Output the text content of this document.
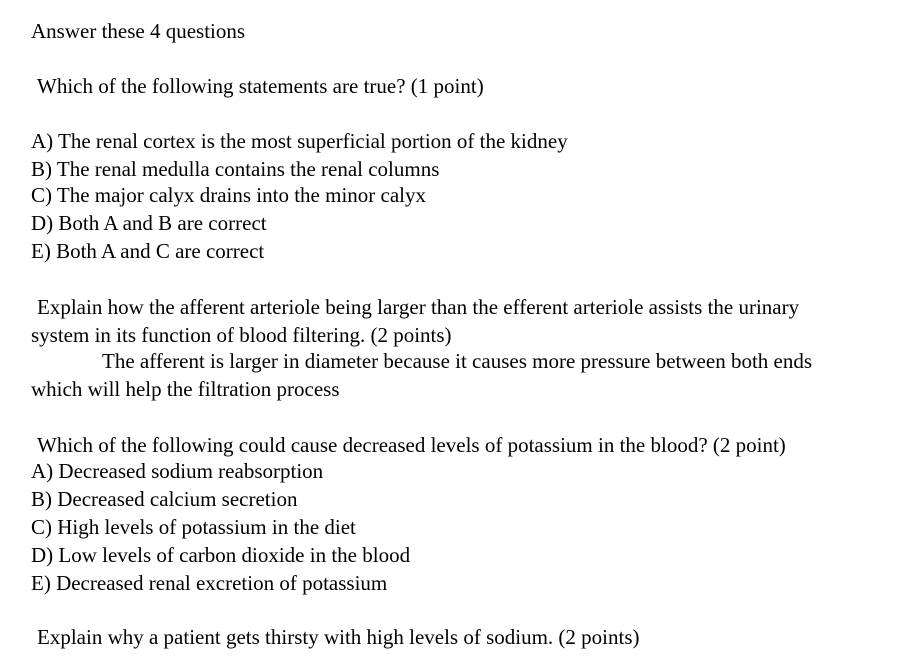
Answer these 4 questions
Which of the following statements are true? (1 point)
A) The renal cortex is the most superficial portion of the kidney
B) The renal medulla contains the renal columns
C) The major calyx drains into the minor calyx
D) Both A and B are correct
E) Both A and C are correct
Explain how the afferent arteriole being larger than the efferent arteriole assists the urinary
system in its function of blood filtering. (2 points)
The afferent is larger in diameter because it causes more pressure between both ends
which will help the filtration process
Which of the following could cause decreased levels of potassium in the blood? (2 point)
A) Decreased sodium reabsorption
B) Decreased calcium secretion
C) High levels of potassium in the diet
D) Low levels of carbon dioxide in the blood
E) Decreased renal excretion of potassium
Explain why a patient gets thirsty with high levels of sodium. (2 points)
